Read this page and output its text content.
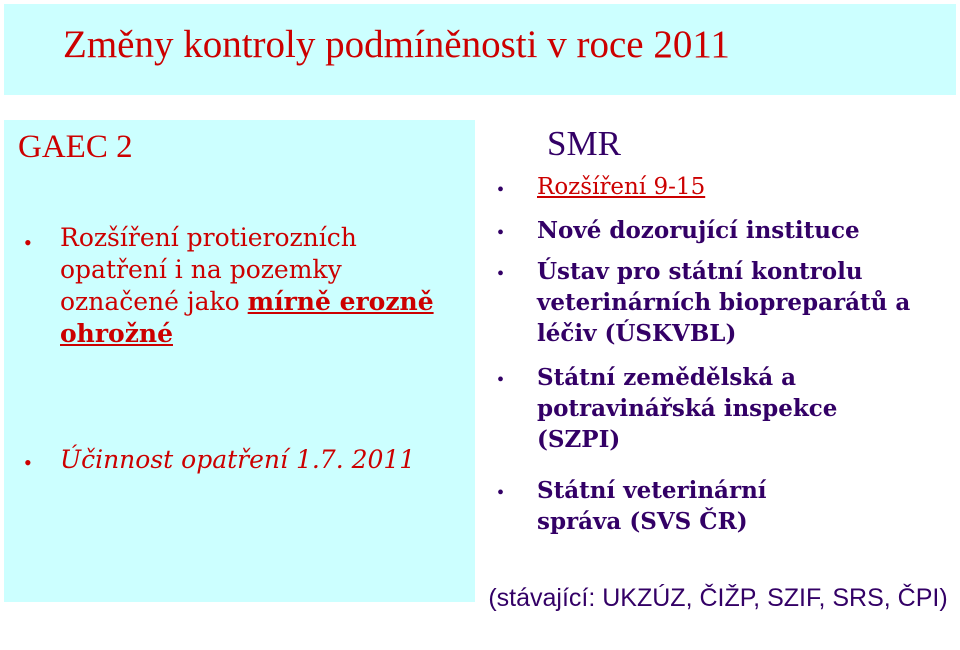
Změny kontroly podmíněnosti v roce 2011
GAEC 2
• Rozšíření protierozních opatření i na pozemky označené jako mírně erozně ohrožné
• Účinnost opatření 1.7. 2011
SMR
• Rozšíření 9-15
• Nové dozorující instituce
• Ústav pro státní kontrolu veterinárních biopreparátů a léčiv (ÚSKVBL)
• Státní zemědělská a potravinářská inspekce (SZPI)
• Státní veterinární správa (SVS ČR)

(stávající: UKZÚZ, ČIŽP, SZIF, SRS, ČPI)
